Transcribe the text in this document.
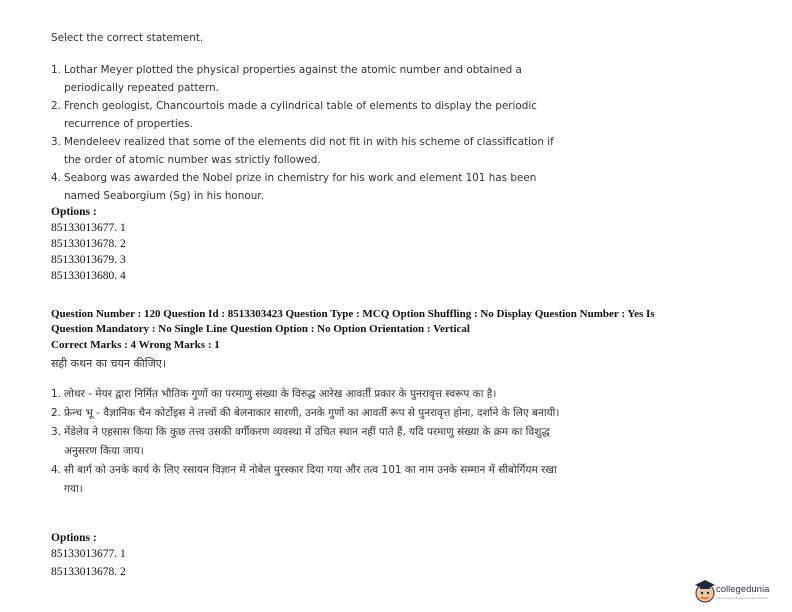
Select the correct statement.
1. Lothar Meyer plotted the physical properties against the atomic number and obtained a periodically repeated pattern.
2. French geologist, Chancourtois made a cylindrical table of elements to display the periodic recurrence of properties.
3. Mendeleev realized that some of the elements did not fit in with his scheme of classification if the order of atomic number was strictly followed.
4. Seaborg was awarded the Nobel prize in chemistry for his work and element 101 has been named Seaborgium (Sg) in his honour.
Options :
85133013677. 1
85133013678. 2
85133013679. 3
85133013680. 4
Question Number : 120 Question Id : 8513303423 Question Type : MCQ Option Shuffling : No Display Question Number : Yes Is
Question Mandatory : No Single Line Question Option : No Option Orientation : Vertical
Correct Marks : 4 Wrong Marks : 1
सही कथन का चयन कीजिए।
1. लोथर - मेयर द्वारा निर्मित भौतिक गुणों का परमाणु संख्या के विरुद्ध आरेख आवर्ती प्रकार के पुनरावृत्त स्वरूप का है।
2. फ्रेन्च भू - वैज्ञानिक चैन कोर्टोइस ने तत्त्वों की बेलनाकार सारणी, उनके गुणों का आवर्ती रूप से पुनरावृत्त होना, दर्शाने के लिए बनायी।
3. मेंडेलेव ने एहसास किया कि कुछ तत्त्व उसकी वर्गीकरण व्यवस्था में उचित स्थान नहीं पाते हैं, यदि परमाणु संख्या के क्रम का विशुद्ध अनुसरण किया जाय।
4. सी बार्ग को उनके कार्य के लिए रसायन विज्ञान में नोबेल पुरस्कार दिया गया और तत्व 101 का नाम उनके सम्मान में सीबोर्गियम रखा गया।
Options :
85133013677. 1
85133013678. 2
collegedunia
India's largest Student Review Platform
